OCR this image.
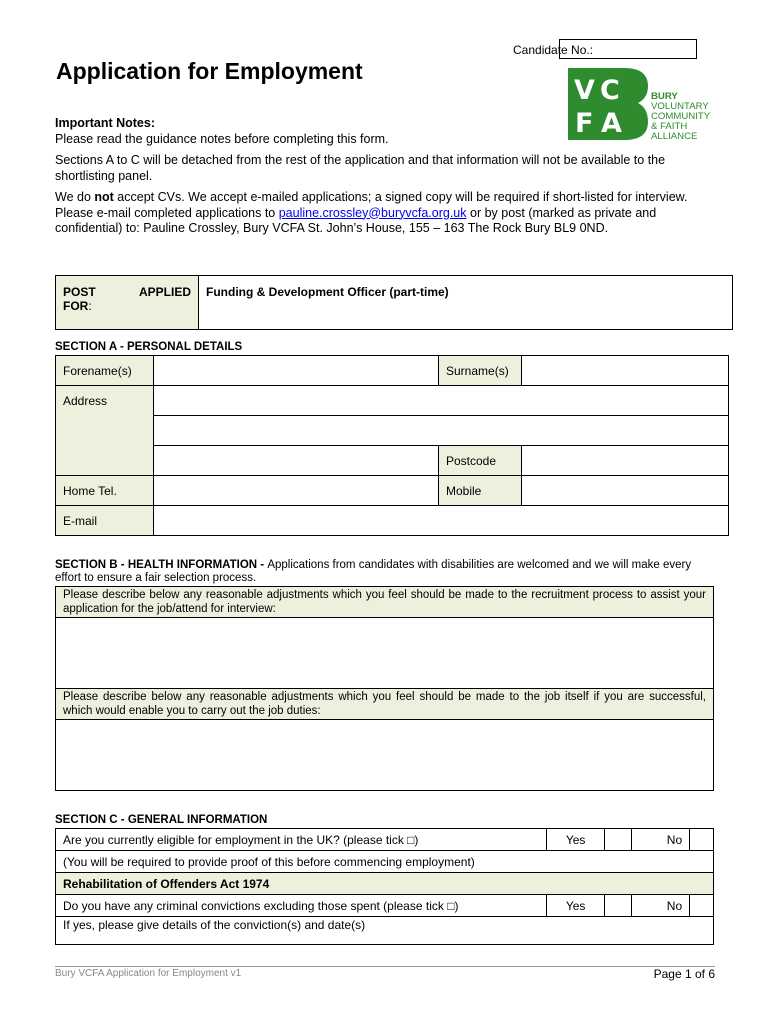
Candidate No.:
Application for Employment
V C
F A
BURY
VOLUNTARY
COMMUNITY
& FAITH
ALLIANCE

Important Notes:

Please read the guidance notes before completing this form.

Sections A to C will be detached from the rest of the application and that information will not be available to the shortlisting panel.

We do not accept CVs. We accept e-mailed applications; a signed copy will be required if short-listed for interview. Please e-mail completed applications to pauline.crossley@buryvcfa.org.uk or by post (marked as private and confidential) to: Pauline Crossley, Bury VCFA St. John’s House, 155 – 163 The Rock Bury BL9 0ND.

POST	APPLIED
FOR:
	Funding & Development Officer (part-time)
SECTION A - PERSONAL DETAILS
Forename(s)		Surname(s)	
Address			

		Postcode	
Home Tel.		Mobile	
E-mail			
SECTION B - HEALTH INFORMATION - Applications from candidates with disabilities are welcomed and we will make every effort to ensure a fair selection process.
Please describe below any reasonable adjustments which you feel should be made to the recruitment process to assist your application for the job/attend for interview:

Please describe below any reasonable adjustments which you feel should be made to the job itself if you are successful, which would enable you to carry out the job duties:

SECTION C - GENERAL INFORMATION
Are you currently eligible for employment in the UK? (please tick □)	Yes		No	
(You will be required to provide proof of this before commencing employment)				
Rehabilitation of Offenders Act 1974				
Do you have any criminal convictions excluding those spent (please tick □)	Yes		No	
If yes, please give details of the conviction(s) and date(s)				
Bury VCFA Application for Employment v1	Page 1 of 6
